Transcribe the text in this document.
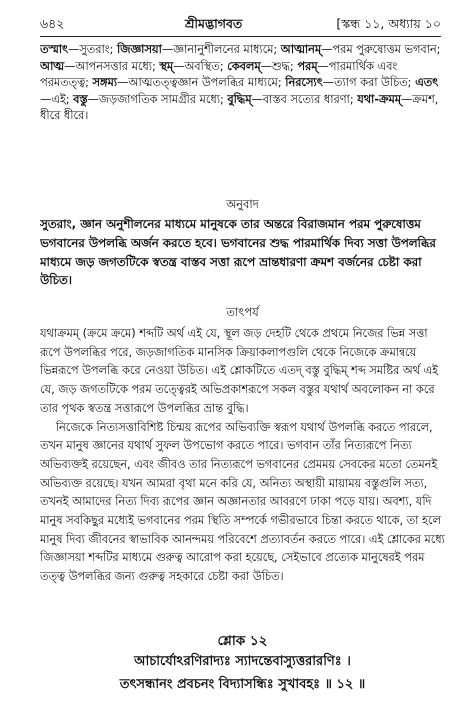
৬৪২	শ্রীমদ্ভাগবত	[স্কন্ধ ১১, অধ্যায় ১০
তস্মাৎ—সুতরাং; জিজ্ঞাসয়া—জ্ঞানানুশীলনের মাধ্যমে; আত্মানম্—পরম পুরুষোত্তম ভগবান; আত্ম—আপনসত্তার মধ্যে; স্থম্—অবস্থিত; কেবলম্—শুদ্ধ; পরম্—পারমার্থিক এবং পরমতত্ত্ব; সঙ্গম্য—আত্মতত্ত্বজ্ঞান উপলব্ধির মাধ্যমে; নিরস্যেৎ—ত্যাগ করা উচিত; এতৎ—এই; বস্তু—জড়জাগতিক সামগ্রীর মধ্যে; বুদ্ধিম্—বাস্তব সত্যের ধারণা; যথা-ক্রমম্—ক্রমশ, ধীরে ধীরে।
অনুবাদ
সুতরাং, জ্ঞান অনুশীলনের মাধ্যমে মানুষকে তার অন্তরে বিরাজমান পরম পুরুষোত্তম ভগবানের উপলব্ধি অর্জন করতে হবে। ভগবানের শুদ্ধ পারমার্থিক দিব্য সত্তা উপলব্ধির মাধ্যমে জড় জগতটিকে স্বতন্ত্র বাস্তব সত্তা রূপে ভ্রান্তধারণা ক্রমশ বর্জনের চেষ্টা করা উচিত।
তাৎপর্য

যথাক্রমম্ (ক্রমে ক্রমে) শব্দটি অর্থ এই যে, স্থূল জড় দেহটি থেকে প্রথমে নিজের ভিন্ন সত্তা রূপে উপলব্ধির পরে, জড়জাগতিক মানসিক ক্রিয়াকলাপগুলি থেকে নিজেকে ক্রমান্বয়ে ভিন্নরূপে উপলব্ধি করে নেওয়া উচিত। এই শ্লোকটিতে এতদ্ বস্তু বুদ্ধিম্ শব্দ সমষ্টির অর্থ এই যে, জড় জগতটিকে পরম তত্ত্বেরই অভিপ্রকাশরূপে সকল বস্তুর যথার্থ অবলোকন না করে তার পৃথক স্বতন্ত্র সত্তারূপে উপলব্ধির ভ্রান্ত বুদ্ধি।

নিজেকে নিত্যসত্তাবিশিষ্ট চিন্ময় রূপের অভিব্যক্তি স্বরূপ যথার্থ উপলব্ধি করতে পারলে, তখন মানুষ জ্ঞানের যথার্থ সুফল উপভোগ করতে পারে। ভগবান তাঁর নিত্যরূপে নিত্য অভিব্যক্তই রয়েছেন, এবং জীবও তার নিত্যরূপে ভগবানের প্রেমময় সেবকের মতো তেমনই অভিব্যক্ত রয়েছে। যখন আমরা বৃথা মনে করি যে, অনিত্য অস্থায়ী মায়াময় বস্তুগুলি সত্য, তখনই আমাদের নিত্য দিব্য রূপের জ্ঞান অজ্ঞানতার আবরণে ঢাকা পড়ে যায়। অবশ্য, যদি মানুষ সবকিছুর মধ্যেই ভগবানের পরম স্থিতি সম্পর্কে গভীরভাবে চিন্তা করতে থাকে, তা হলে মানুষ দিব্য জীবনের স্বাভাবিক আনন্দময় পরিবেশে প্রত্যাবর্তন করতে পারে। এই শ্লোকের মধ্যে জিজ্ঞাসয়া শব্দটির মাধ্যমে গুরুত্ব আরোপ করা হয়েছে, সেইভাবে প্রত্যেক মানুষেরই পরম তত্ত্ব উপলব্ধির জন্য গুরুত্ব সহকারে চেষ্টা করা উচিত।

শ্লোক ১২
আচার্যোঽরণিরাদ্যঃ স্যাদন্তেবাস্যুত্তরারণিঃ ।
তৎসন্ধানং প্রবচনং বিদ্যাসন্ধিঃ সুখাবহঃ ॥ ১২ ॥
